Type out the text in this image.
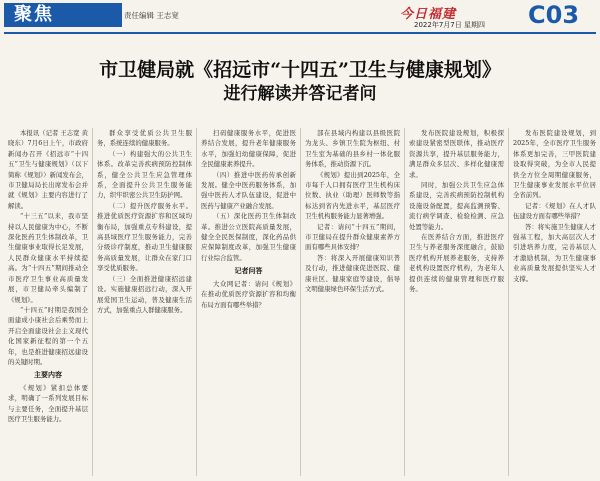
聚焦	责任编辑 王志宽	今日福建
2022年7月7日 星期四 C03
市卫健局就《招远市“十四五”卫生与健康规划》
进行解读并答记者问

本报讯（记者 王志宽 黄晓东）7月6日上午，市政府新闻办召开《招远市“十四五”卫生与健康规划》（以下简称《规划》）新闻发布会，市卫健局局长出席发布会并就《规划》主要内容进行了解读。

“十三五”以来，我市坚持以人民健康为中心，不断深化医药卫生体制改革，卫生健康事业取得长足发展，人民群众健康水平持续提高。为“十四五”期间推动全市医疗卫生事业高质量发展，市卫健局牵头编制了《规划》。

“十四五”时期是我国全面建成小康社会后乘势而上开启全面建设社会主义现代化国家新征程的第一个五年，也是推进健康招远建设的关键时期。

主要内容

《规划》紧扣总体要求，明确了一系列发展目标与主要任务，全面提升基层医疗卫生服务能力。

群众享受优质公共卫生服务，系统连续的健康服务。

（一）构建强大的公共卫生体系。改革完善疾病预防控制体系，健全公共卫生应急管理体系，全面提升公共卫生服务能力，织牢织密公共卫生防护网。

（二）提升医疗服务水平。推进优质医疗资源扩容和区域均衡布局，加强重点专科建设，提高县域医疗卫生服务能力，完善分级诊疗制度，推动卫生健康服务高质量发展，让群众在家门口享受优质服务。

（三）全面推进健康招远建设。实施健康招远行动，深入开展爱国卫生运动，普及健康生活方式，加强重点人群健康服务。

扫码健康服务水平，促进医养结合发展，提升老年健康服务水平，加强妇幼健康保障，促进全民健康素养提升。

（四）推进中医药传承创新发展。健全中医药服务体系，加强中医药人才队伍建设，促进中医药与健康产业融合发展。

（五）深化医药卫生体制改革。推进公立医院高质量发展，健全全民医保制度，深化药品供应保障制度改革，加强卫生健康行业综合监管。

记者问答

大众网记者：请问《规划》在推动优质医疗资源扩容和均衡布局方面有哪些举措？

部在县域内构建以县级医院为龙头、乡镇卫生院为枢纽、村卫生室为基础的县乡村一体化服务体系，推动资源下沉。

《规划》提出到2025年，全市每千人口拥有医疗卫生机构床位数、执业（助理）医师数等指标达到省内先进水平，基层医疗卫生机构服务能力显著增强。

记者：请问“十四五”期间，市卫健局在提升群众健康素养方面有哪些具体安排？

答：将深入开展健康知识普及行动，推进健康促进医院、健康社区、健康家庭等建设，倡导文明健康绿色环保生活方式。

发布医院建设规划，积极探索建设紧密型医联体，推动医疗资源共享，提升基层服务能力，满足群众多层次、多样化健康需求。

同时，加强公共卫生应急体系建设，完善疾病预防控制机构设施设备配置，提高监测预警、流行病学调查、检验检测、应急处置等能力。

在医养结合方面，推进医疗卫生与养老服务深度融合，鼓励医疗机构开展养老服务，支持养老机构设置医疗机构，为老年人提供连续的健康管理和医疗服务。

发布医院建设规划，到2025年，全市医疗卫生服务体系更加完善，三甲医院建设取得突破，为全市人民提供全方位全周期健康服务，卫生健康事业发展水平位居全省前列。

记者：《规划》在人才队伍建设方面有哪些举措？

答：将实施卫生健康人才强基工程，加大高层次人才引进培养力度，完善基层人才激励机制，为卫生健康事业高质量发展提供坚实人才支撑。
